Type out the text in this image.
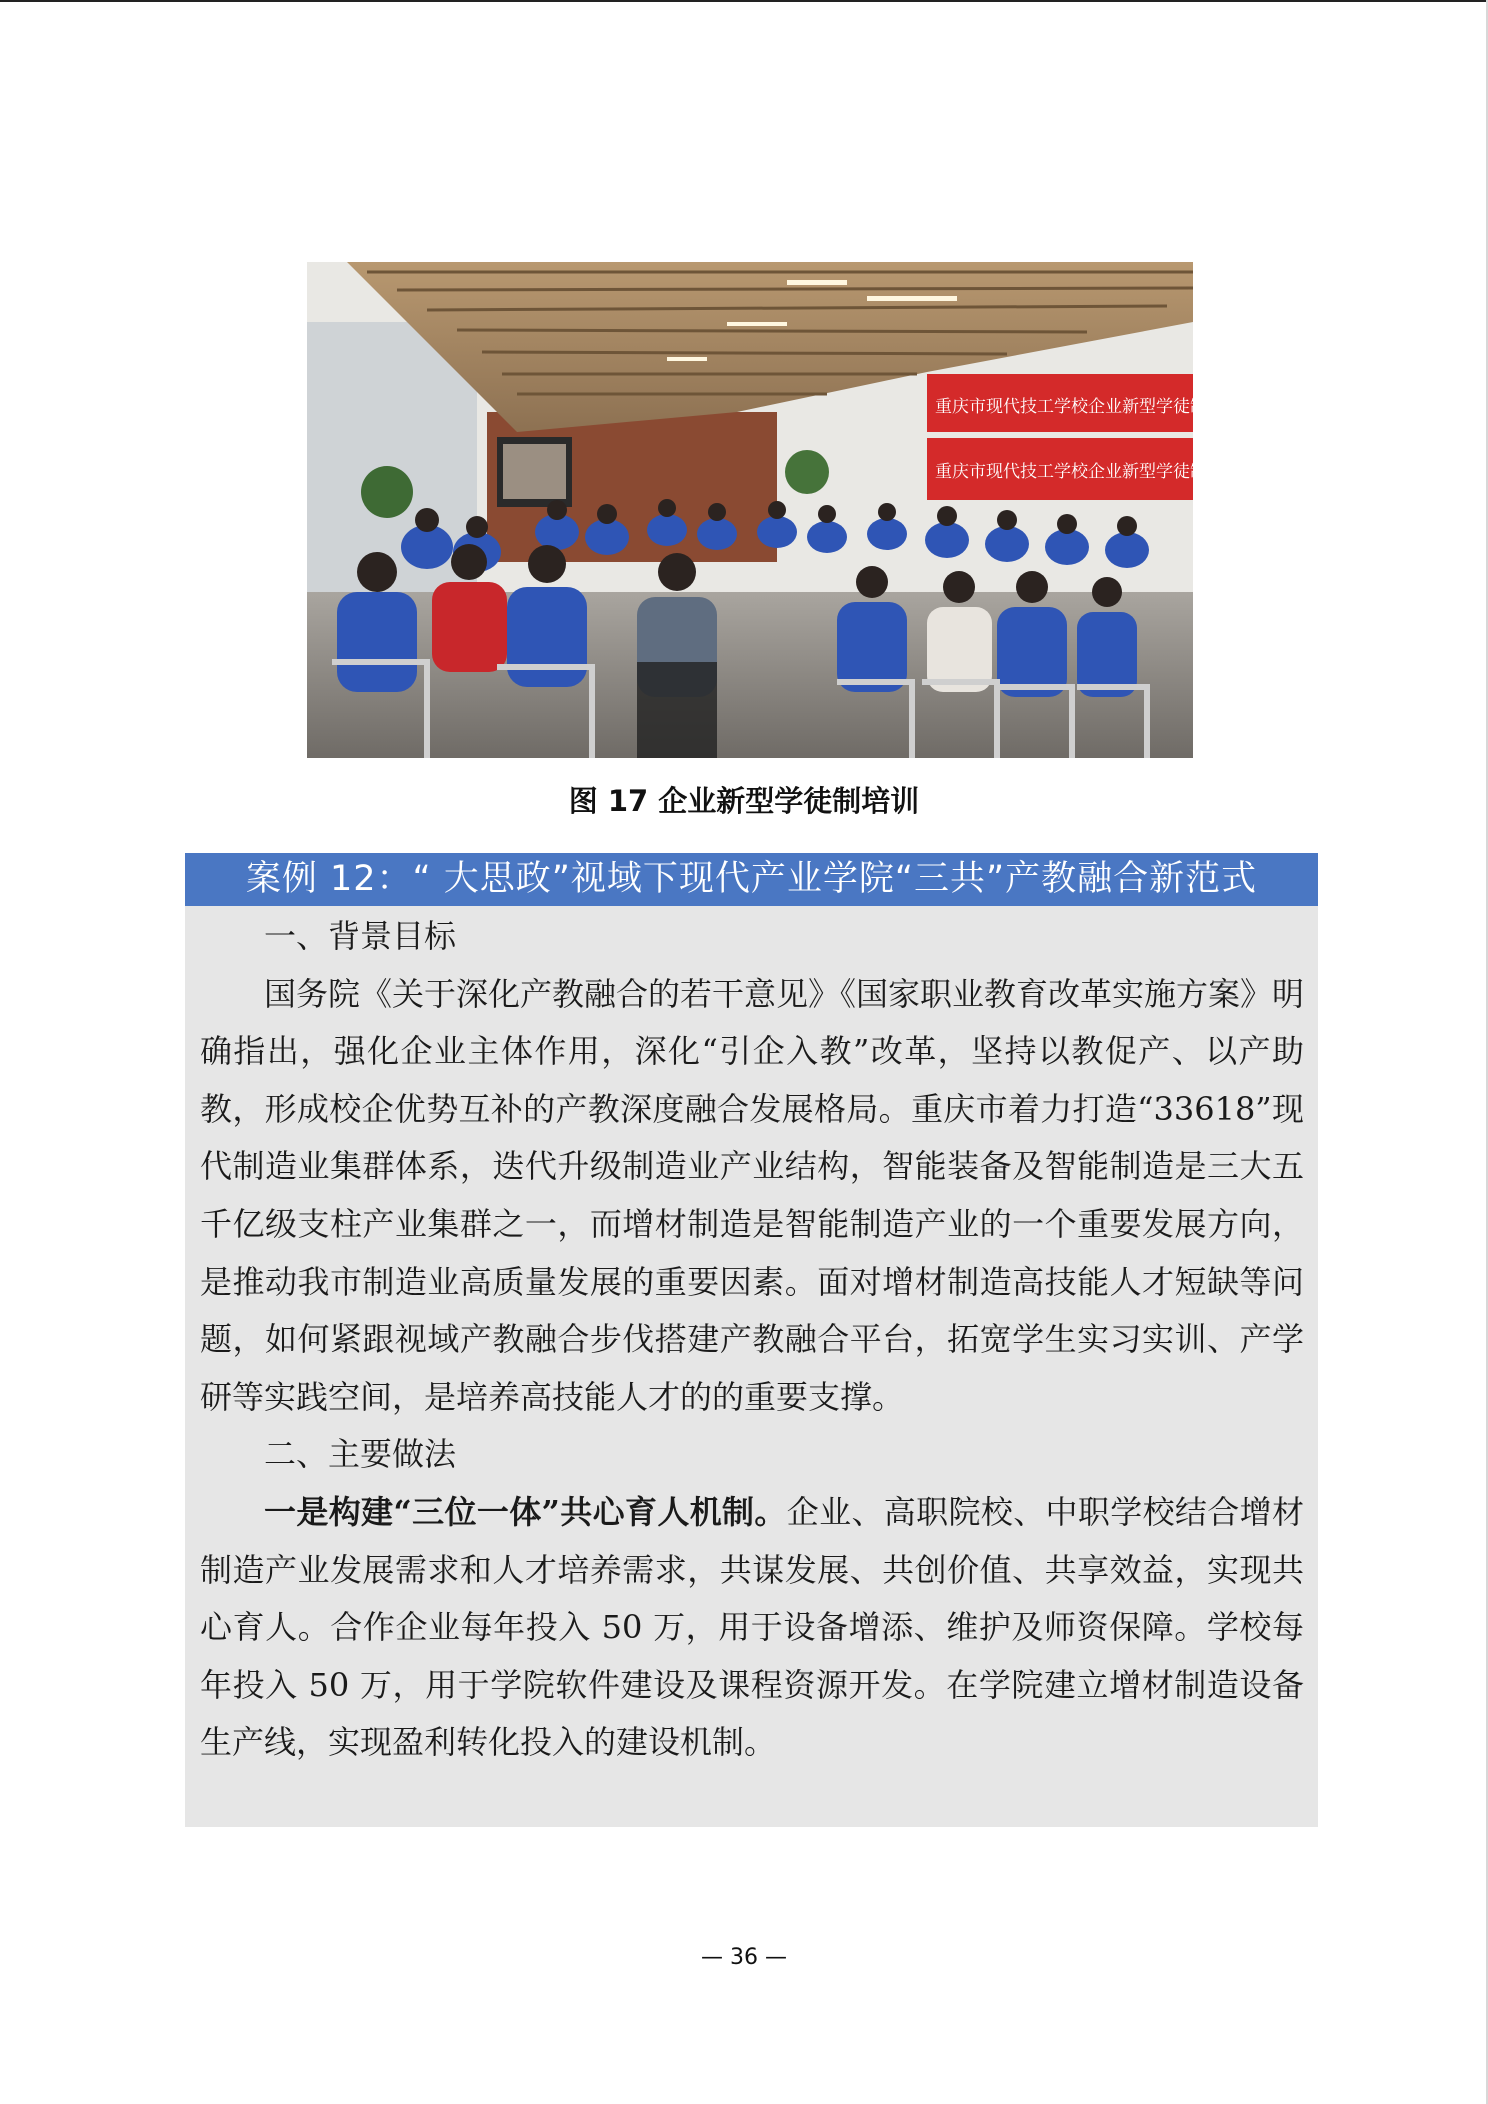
重庆市现代技工学校企业新型学徒制培训2023年5班
重庆市现代技工学校企业新型学徒制培训2023年4班
图 17 企业新型学徒制培训
案例 12：“ 大思政”视域下现代产业学院“三共”产教融合新范式

一、背景目标

国务院《关于深化产教融合的若干意见》《国家职业教育改革实施方案》明确指出，强化企业主体作用，深化“引企入教”改革，坚持以教促产、以产助教，形成校企优势互补的产教深度融合发展格局。重庆市着力打造“33618”现代制造业集群体系，迭代升级制造业产业结构，智能装备及智能制造是三大五千亿级支柱产业集群之一，而增材制造是智能制造产业的一个重要发展方向，是推动我市制造业高质量发展的重要因素。面对增材制造高技能人才短缺等问题，如何紧跟视域产教融合步伐搭建产教融合平台，拓宽学生实习实训、产学研等实践空间，是培养高技能人才的的重要支撑。

二、主要做法

一是构建“三位一体”共心育人机制。企业、高职院校、中职学校结合增材制造产业发展需求和人才培养需求，共谋发展、共创价值、共享效益，实现共心育人。合作企业每年投入 50 万，用于设备增添、维护及师资保障。学校每年投入 50 万，用于学院软件建设及课程资源开发。在学院建立增材制造设备生产线，实现盈利转化投入的建设机制。

— 36 —
